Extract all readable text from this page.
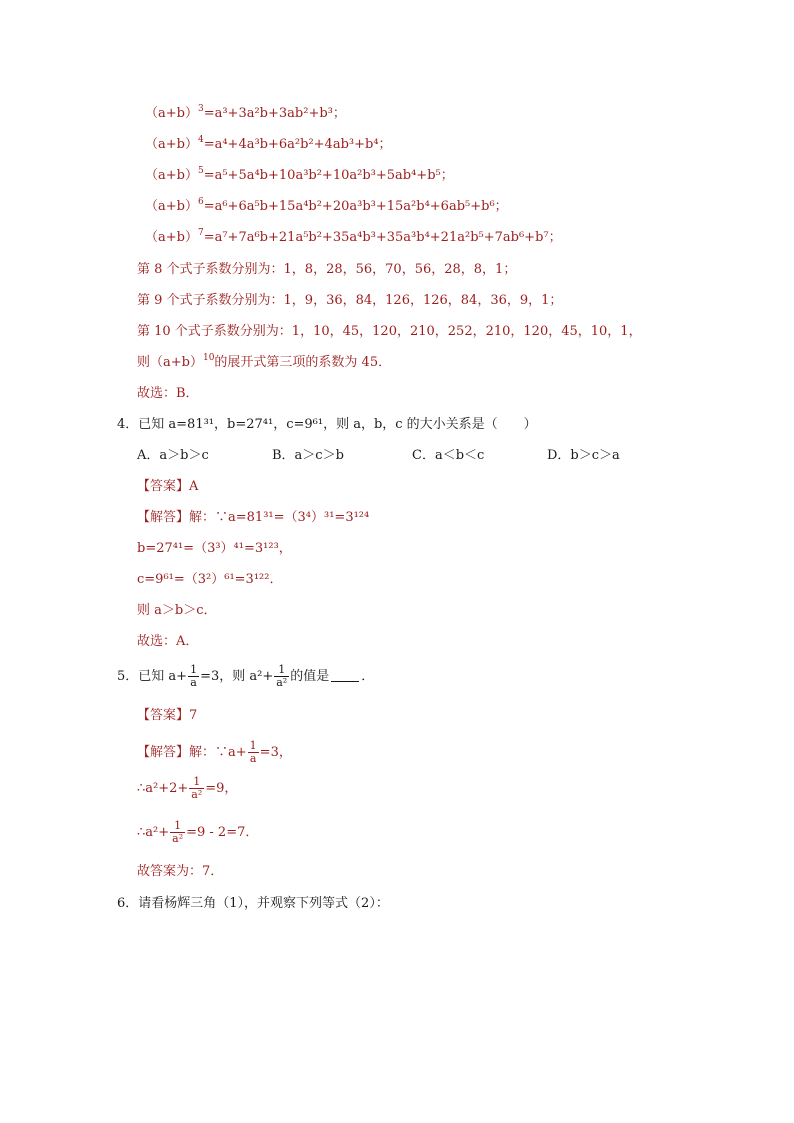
$(a+b)^3=a^3+3a^2b+3ab^2+b^3$；
$(a+b)^4=a^4+4a^3b+6a^2b^2+4ab^3+b^4$；
$(a+b)^5=a^5+5a^4b+10a^3b^2+10a^2b^3+5ab^4+b^5$；
$(a+b)^6=a^6+6a^5b+15a^4b^2+20a^3b^3+15a^2b^4+6ab^5+b^6$；
$(a+b)^7=a^7+7a^6b+21a^5b^2+35a^4b^3+35a^3b^4+21a^2b^5+7ab^6+b^7$；
第 8 个式子系数分别为：1，8，28，56，70，56，28，8，1；
第 9 个式子系数分别为：1，9，36，84，126，126，84，36，9，1；
第 10 个式子系数分别为：1，10，45，120，210，252，210，120，45，10，1，
则$(a+b)^{10}$的展开式第三项的系数为 45．
故选：B．
4．已知 a=81³¹，b=27⁴¹，c=9⁶¹，则 a，b，c 的大小关系是（　　）
A．a＞b＞c	B．a＞c＞b	C．a＜b＜c	D．b＞c＞a
【答案】A
【解答】解：∵a=81³¹=（3⁴）³¹=3¹²⁴
b=27⁴¹=（3³）⁴¹=3¹²³，
c=9⁶¹=（3²）⁶¹=3¹²²．
则 a＞b＞c．
故选：A．
5．已知 $a+ \frac{1}{a} =3$，则 $a^2+ \frac{1}{\text{a²}}$ 的值是 ．
【答案】7
【解答】解：∵a+ $\frac{1}{a} =3$，
∴a²+2+ $\frac{1}{\text{a²}} =9$，
∴a²+ $\frac{1}{\text{a²}} =9 - 2=7$．
故答案为：7．
6．请看杨辉三角（1），并观察下列等式（2）：
